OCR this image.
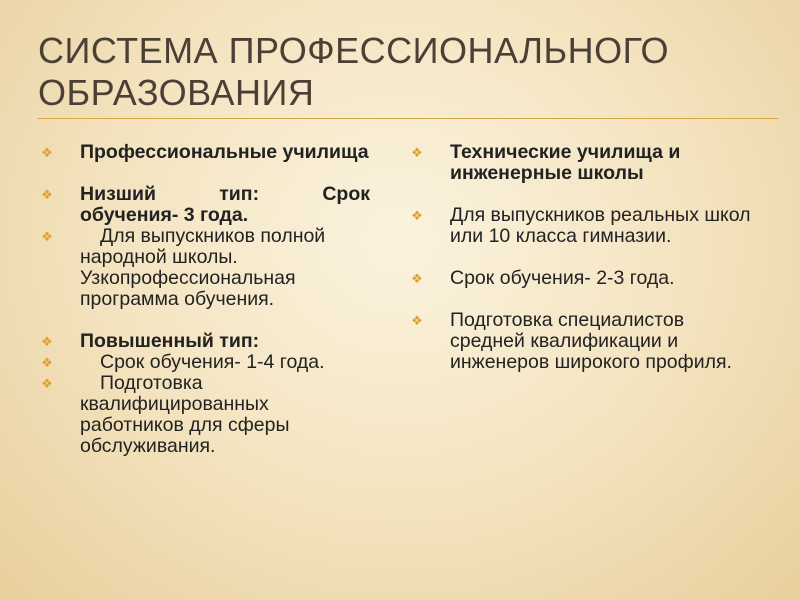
СИСТЕМА ПРОФЕССИОНАЛЬНОГО ОБРАЗОВАНИЯ
❖ Профессиональные училища
❖ Низший тип: Срок
обучения- 3 года.
❖	Для выпускников полной народной школы. Узкопрофессиональная программа обучения.
❖ Повышенный тип:
❖	Срок обучения- 1-4 года.
❖	Подготовка квалифицированных работников для сферы обслуживания.
❖ Технические училища и инженерные школы
❖ Для выпускников реальных школ или 10 класса гимназии.
❖ Срок обучения- 2-3 года.
❖ Подготовка специалистов средней квалификации и инженеров широкого профиля.
